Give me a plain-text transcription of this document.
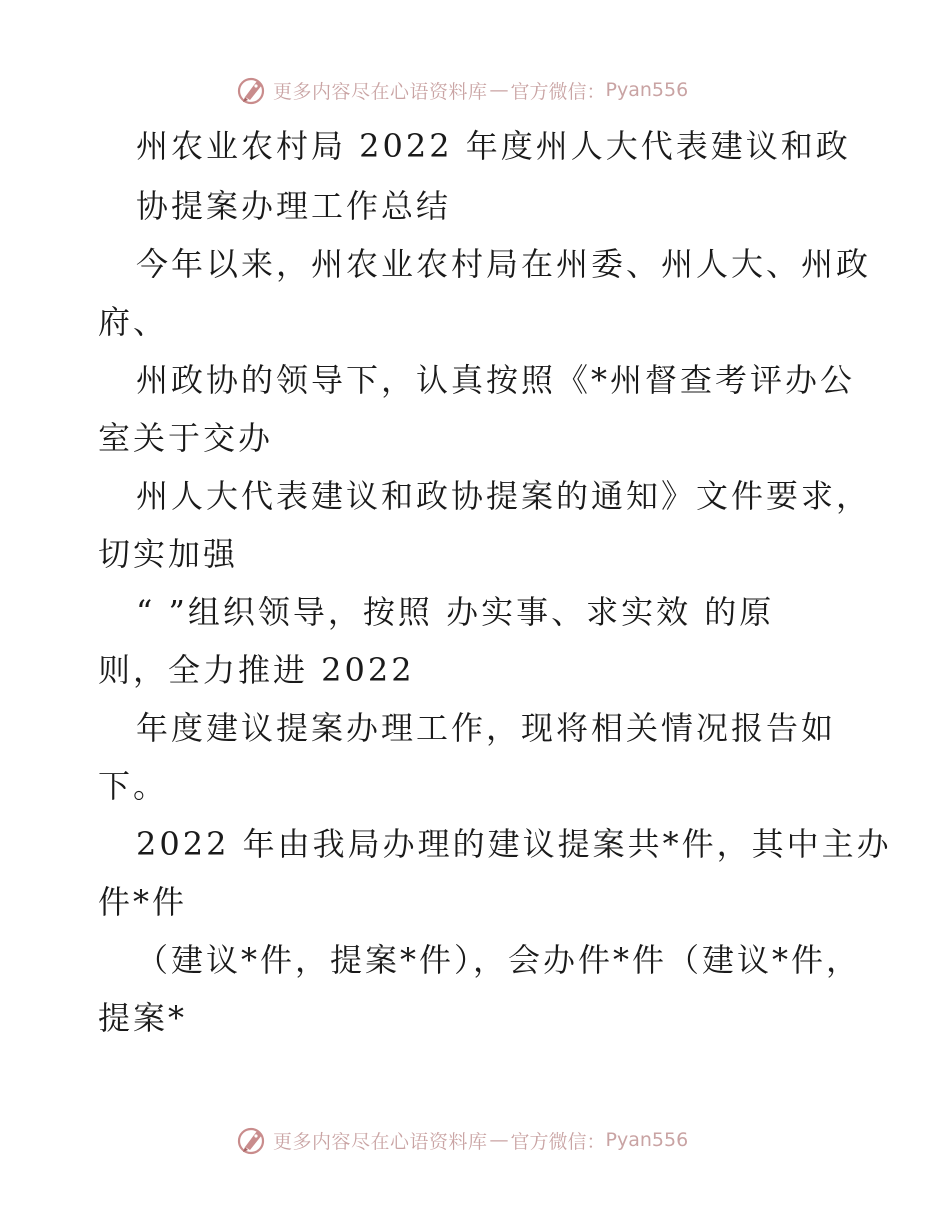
更多内容尽在心语资料库 — 官方微信： Pyan556
州农业农村局 2022 年度州人大代表建议和政
协提案办理工作总结
今年以来，州农业农村局在州委、州人大、州政
府、
州政协的领导下，认真按照《*州督查考评办公
室关于交办
州人大代表建议和政协提案的通知》文件要求，
切实加强
“ ”组织领导，按照 办实事、求实效 的原
则，全力推进 2022
年度建议提案办理工作，现将相关情况报告如
下。
2022 年由我局办理的建议提案共*件，其中主办
件*件
（建议*件，提案*件），会办件*件（建议*件，
提案*
更多内容尽在心语资料库 — 官方微信： Pyan556
